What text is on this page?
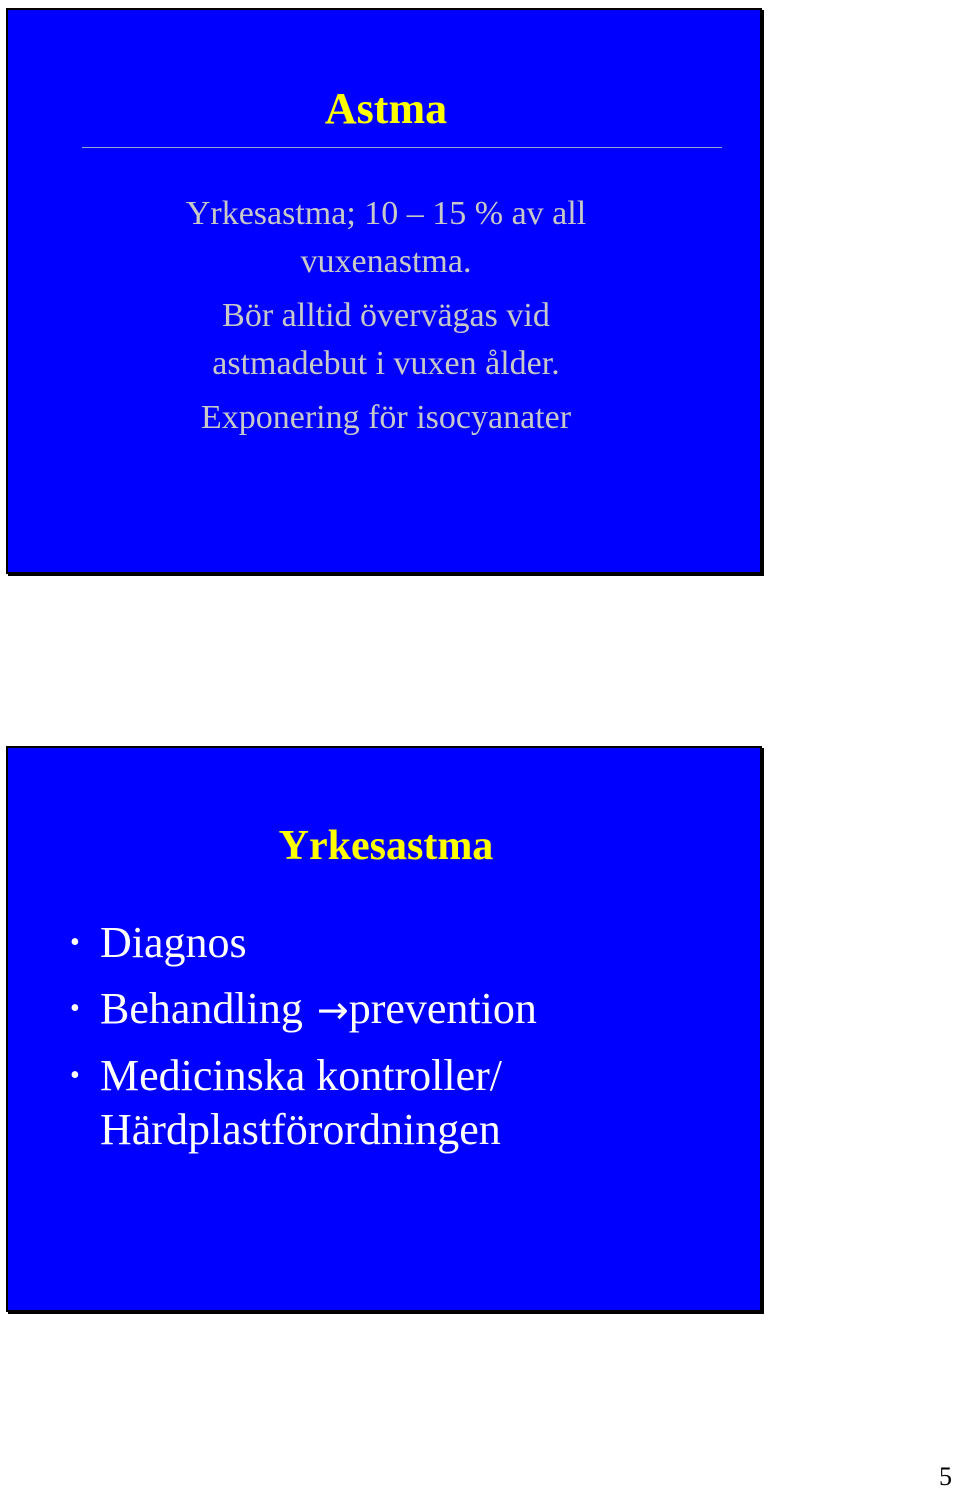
Astma
Yrkesastma; 10 – 15 % av all
vuxenastma.
Bör alltid övervägas vid
astmadebut i vuxen ålder.
Exponering för isocyanater
Yrkesastma
• Diagnos
• Behandling →prevention
• Medicinska kontroller/
Härdplastförordningen
5
